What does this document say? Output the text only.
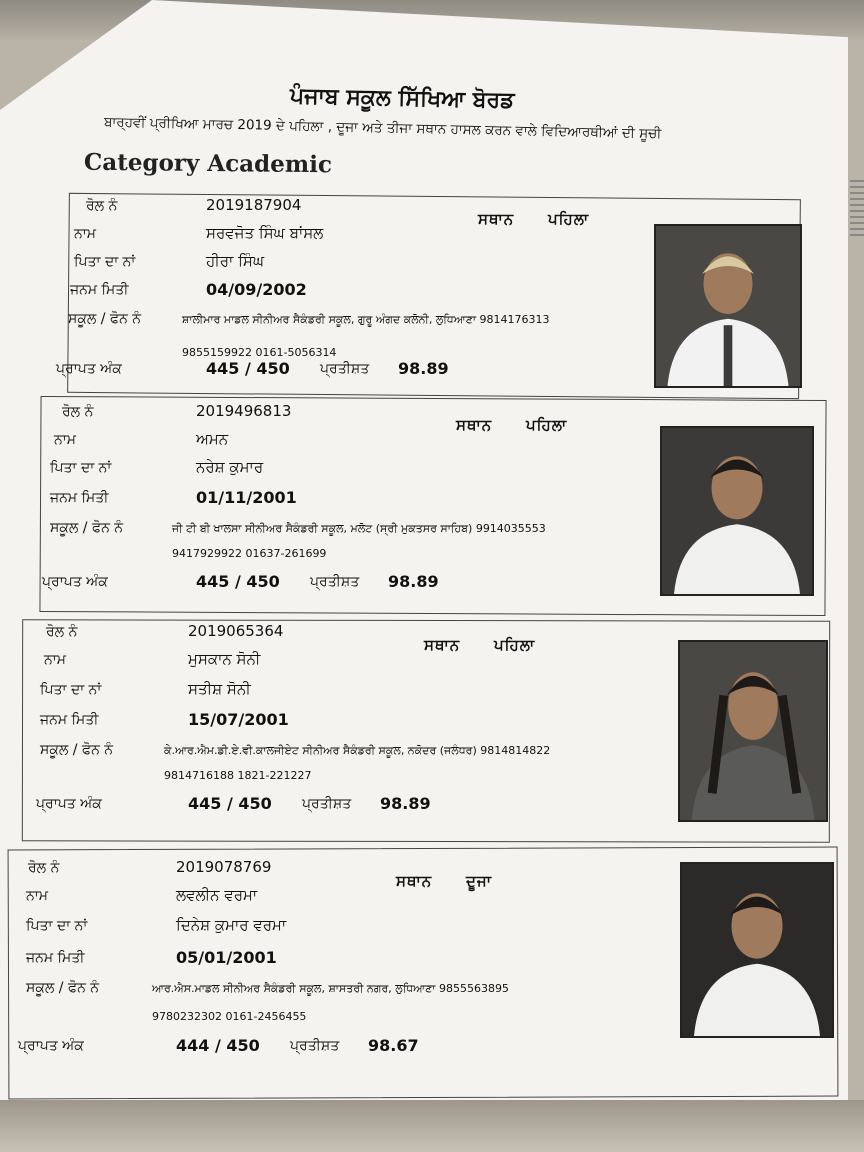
ਪੰਜਾਬ ਸਕੂਲ ਸਿੱਖਿਆ ਬੋਰਡ
ਬਾਰ੍ਹਵੀਂ ਪ੍ਰੀਖਿਆ ਮਾਰਚ 2019 ਦੇ ਪਹਿਲਾ , ਦੂਜਾ ਅਤੇ ਤੀਜਾ ਸਥਾਨ ਹਾਸਲ ਕਰਨ ਵਾਲੇ ਵਿਦਿਆਰਥੀਆਂ ਦੀ ਸੂਚੀ
Category Academic
ਰੋਲ ਨੰ
ਨਾਮ
ਪਿਤਾ ਦਾ ਨਾਂ
ਜਨਮ ਮਿਤੀ
ਸਕੂਲ / ਫੋਨ ਨੰ
ਪ੍ਰਾਪਤ ਅੰਕ
2019187904
ਸਰਵਜੋਤ ਸਿੰਘ ਬਾਂਸਲ
ਹੀਰਾ ਸਿੰਘ
04/09/2002
ਸ਼ਾਲੀਮਾਰ ਮਾਡਲ ਸੀਨੀਅਰ ਸੈਕੰਡਰੀ ਸਕੂਲ, ਗੁਰੂ ਅੰਗਦ ਕਲੋਨੀ, ਲੁਧਿਆਣਾ 9814176313
9855159922 0161-5056314
445 / 450 ਪ੍ਰਤੀਸ਼ਤ 98.89
ਸਥਾਨ ਪਹਿਲਾ
ਰੋਲ ਨੰ
ਨਾਮ
ਪਿਤਾ ਦਾ ਨਾਂ
ਜਨਮ ਮਿਤੀ
ਸਕੂਲ / ਫੋਨ ਨੰ
ਪ੍ਰਾਪਤ ਅੰਕ
2019496813
ਅਮਨ
ਨਰੇਸ਼ ਕੁਮਾਰ
01/11/2001
ਜੀ ਟੀ ਬੀ ਖਾਲਸਾ ਸੀਨੀਅਰ ਸੈਕੰਡਰੀ ਸਕੂਲ, ਮਲੋਟ (ਸ੍ਰੀ ਮੁਕਤਸਰ ਸਾਹਿਬ) 9914035553
9417929922 01637-261699
445 / 450 ਪ੍ਰਤੀਸ਼ਤ 98.89
ਸਥਾਨ ਪਹਿਲਾ
ਰੋਲ ਨੰ
ਨਾਮ
ਪਿਤਾ ਦਾ ਨਾਂ
ਜਨਮ ਮਿਤੀ
ਸਕੂਲ / ਫੋਨ ਨੰ
ਪ੍ਰਾਪਤ ਅੰਕ
2019065364
ਮੁਸਕਾਨ ਸੋਨੀ
ਸਤੀਸ਼ ਸੋਨੀ
15/07/2001
ਕੇ.ਆਰ.ਐਮ.ਡੀ.ਏ.ਵੀ.ਕਾਲਜੀਏਟ ਸੀਨੀਅਰ ਸੈਕੰਡਰੀ ਸਕੂਲ, ਨਕੋਦਰ (ਜਲੰਧਰ) 9814814822
9814716188 1821-221227
445 / 450 ਪ੍ਰਤੀਸ਼ਤ 98.89
ਸਥਾਨ ਪਹਿਲਾ
ਰੋਲ ਨੰ
ਨਾਮ
ਪਿਤਾ ਦਾ ਨਾਂ
ਜਨਮ ਮਿਤੀ
ਸਕੂਲ / ਫੋਨ ਨੰ
ਪ੍ਰਾਪਤ ਅੰਕ
2019078769
ਲਵਲੀਨ ਵਰਮਾ
ਦਿਨੇਸ਼ ਕੁਮਾਰ ਵਰਮਾ
05/01/2001
ਆਰ.ਐਸ.ਮਾਡਲ ਸੀਨੀਅਰ ਸੈਕੰਡਰੀ ਸਕੂਲ, ਸ਼ਾਸਤਰੀ ਨਗਰ, ਲੁਧਿਆਣਾ 9855563895
9780232302 0161-2456455
444 / 450 ਪ੍ਰਤੀਸ਼ਤ 98.67
ਸਥਾਨ ਦੂਜਾ
